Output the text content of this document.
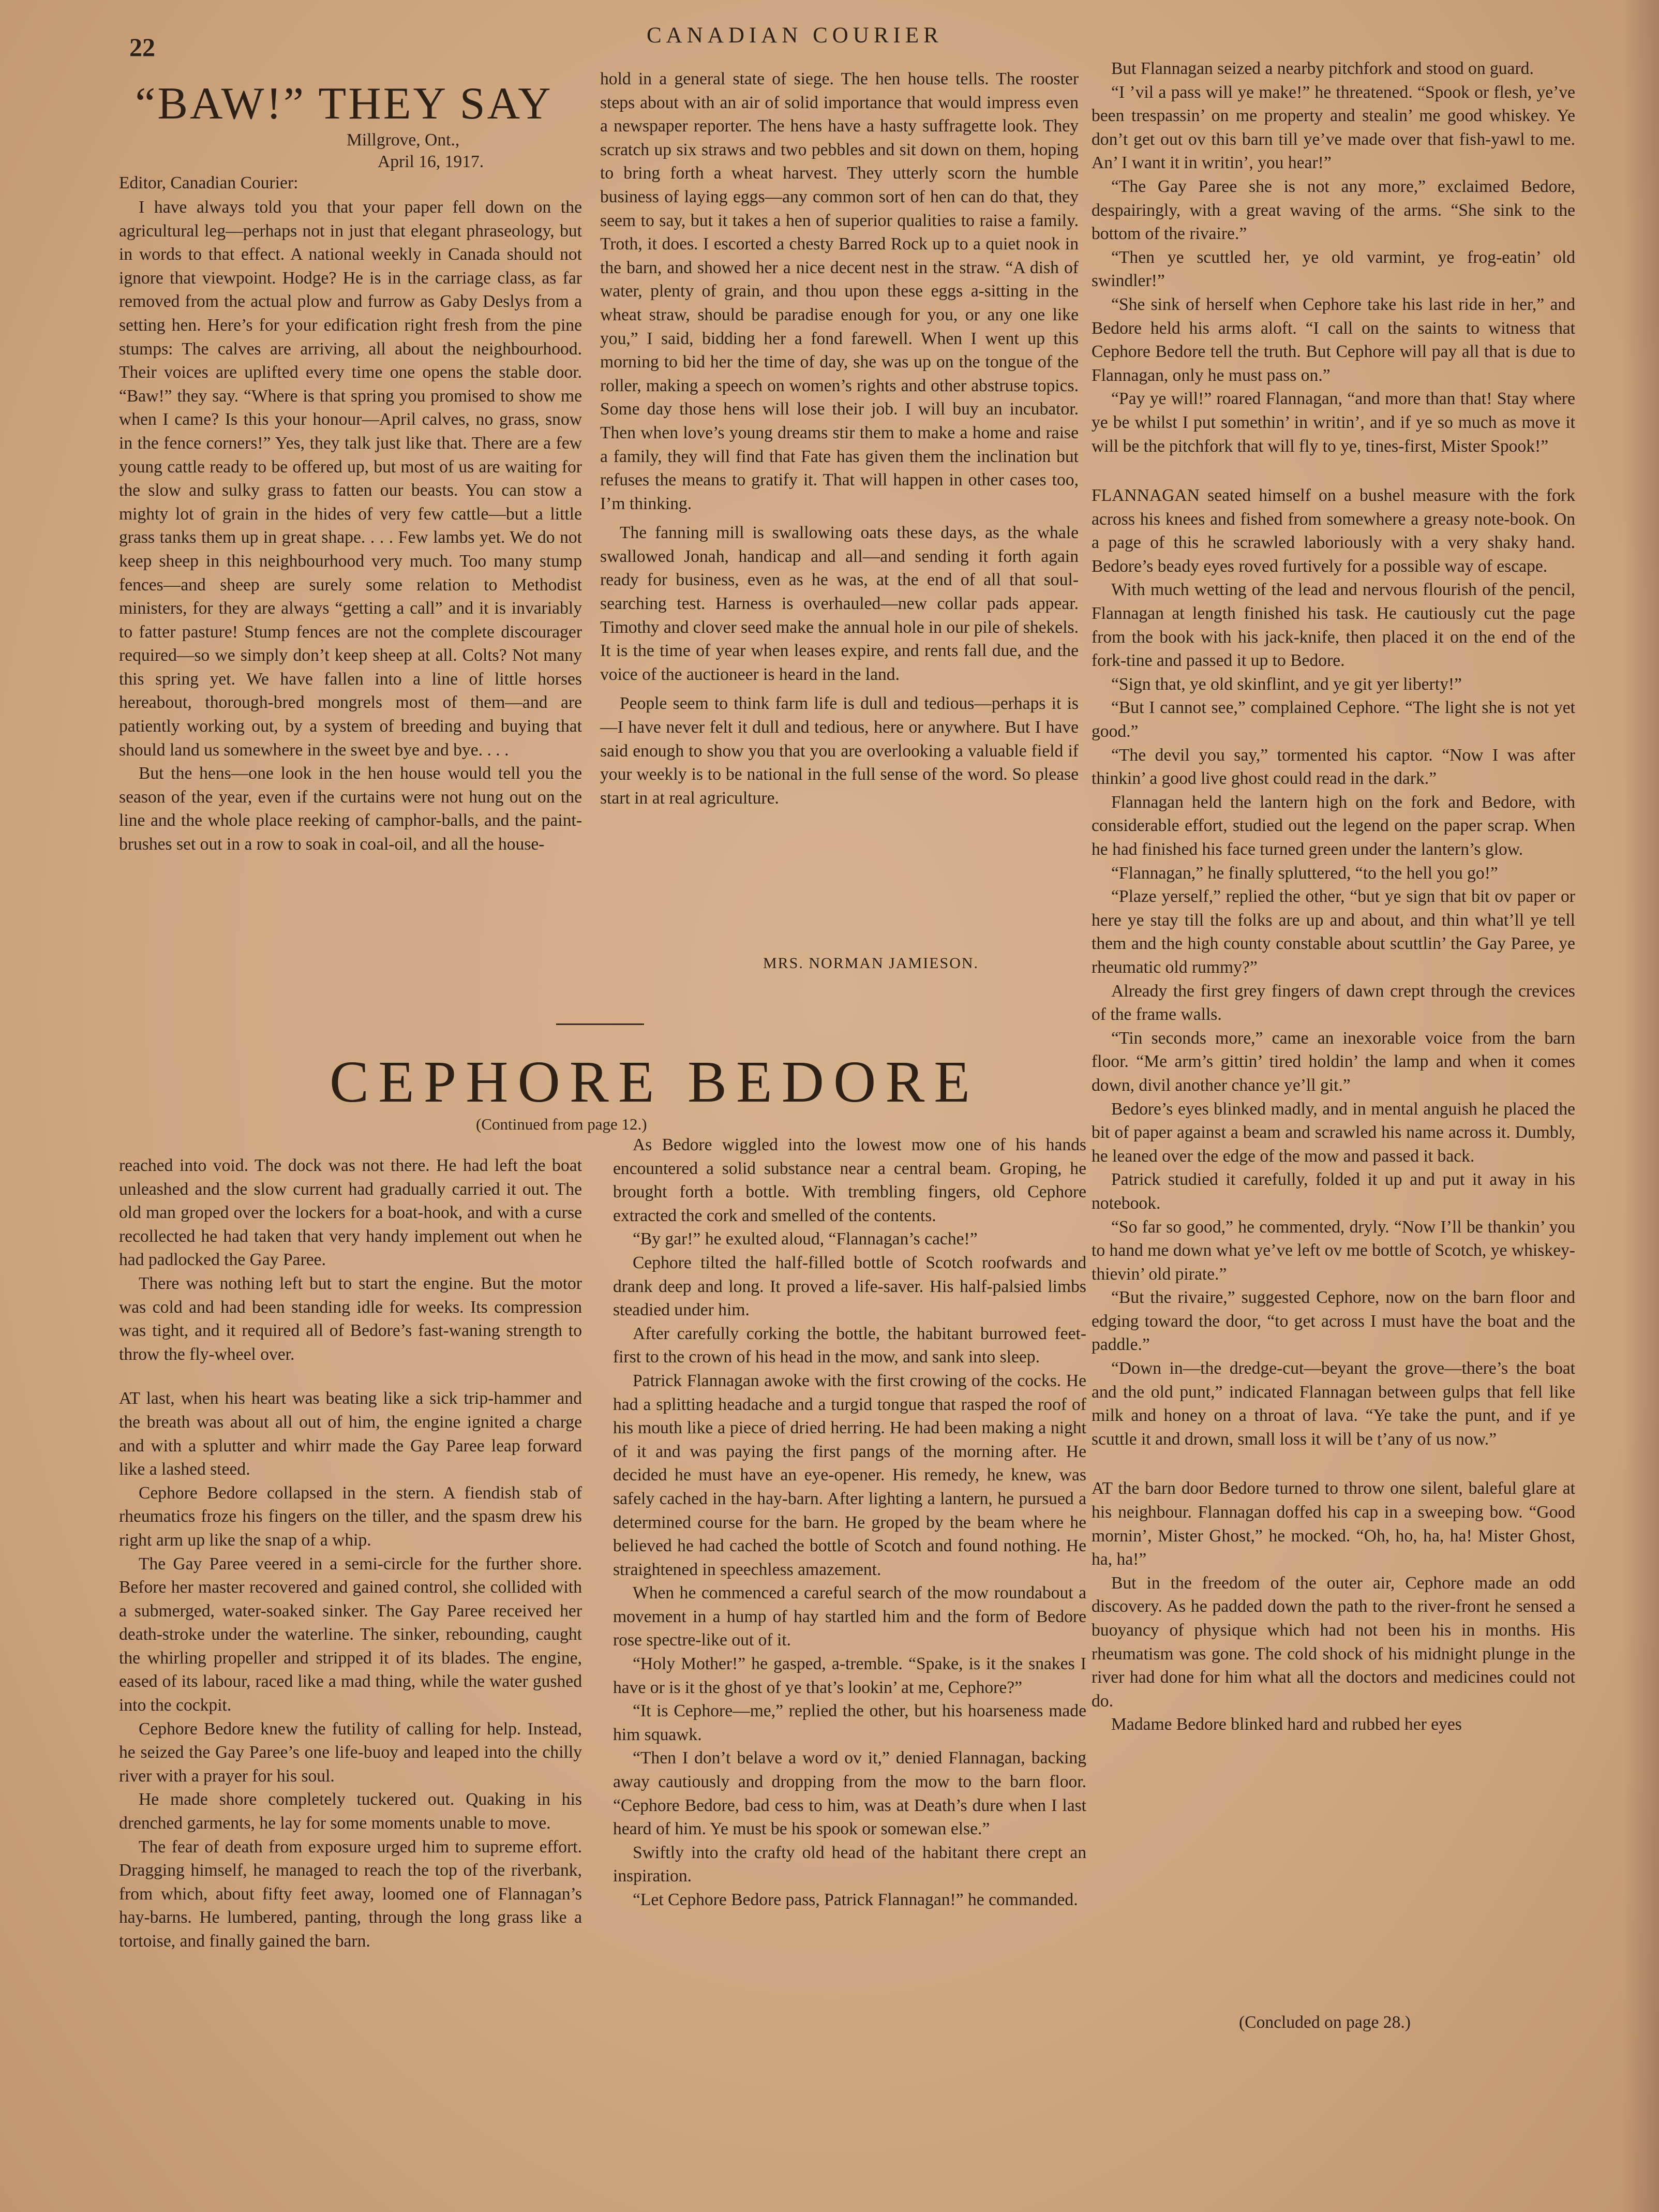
22	CANADIAN COURIER
“BAW!” THEY SAY
Millgrove, Ont.,
April 16, 1917.
Editor, Canadian Courier:

I have always told you that your paper fell down on the agricultural leg—perhaps not in just that elegant phraseology, but in words to that effect. A national weekly in Canada should not ignore that viewpoint. Hodge? He is in the carriage class, as far removed from the actual plow and furrow as Gaby Deslys from a setting hen. Here’s for your edification right fresh from the pine stumps: The calves are arriving, all about the neighbourhood. Their voices are uplifted every time one opens the stable door. “Baw!” they say. “Where is that spring you promised to show me when I came? Is this your honour—April calves, no grass, snow in the fence corners!” Yes, they talk just like that. There are a few young cattle ready to be offered up, but most of us are waiting for the slow and sulky grass to fatten our beasts. You can stow a mighty lot of grain in the hides of very few cattle—but a little grass tanks them up in great shape. . . . Few lambs yet. We do not keep sheep in this neighbourhood very much. Too many stump fences—and sheep are surely some relation to Methodist ministers, for they are always “getting a call” and it is invariably to fatter pasture! Stump fences are not the complete discourager required—so we simply don’t keep sheep at all. Colts? Not many this spring yet. We have fallen into a line of little horses hereabout, thorough-bred mongrels most of them—and are patiently working out, by a system of breeding and buying that should land us somewhere in the sweet bye and bye. . . .

But the hens—one look in the hen house would tell you the season of the year, even if the curtains were not hung out on the line and the whole place reeking of camphor-balls, and the paint-brushes set out in a row to soak in coal-oil, and all the house-

hold in a general state of siege. The hen house tells. The rooster steps about with an air of solid importance that would impress even a newspaper reporter. The hens have a hasty suffragette look. They scratch up six straws and two pebbles and sit down on them, hoping to bring forth a wheat harvest. They utterly scorn the humble business of laying eggs—any common sort of hen can do that, they seem to say, but it takes a hen of superior qualities to raise a family. Troth, it does. I escorted a chesty Barred Rock up to a quiet nook in the barn, and showed her a nice decent nest in the straw. “A dish of water, plenty of grain, and thou upon these eggs a-sitting in the wheat straw, should be paradise enough for you, or any one like you,” I said, bidding her a fond farewell. When I went up this morning to bid her the time of day, she was up on the tongue of the roller, making a speech on women’s rights and other abstruse topics. Some day those hens will lose their job. I will buy an incubator. Then when love’s young dreams stir them to make a home and raise a family, they will find that Fate has given them the inclination but refuses the means to gratify it. That will happen in other cases too, I’m thinking.

The fanning mill is swallowing oats these days, as the whale swallowed Jonah, handicap and all—and sending it forth again ready for business, even as he was, at the end of all that soul-searching test. Harness is overhauled—new collar pads appear. Timothy and clover seed make the annual hole in our pile of shekels. It is the time of year when leases expire, and rents fall due, and the voice of the auctioneer is heard in the land.

People seem to think farm life is dull and tedious—perhaps it is—I have never felt it dull and tedious, here or anywhere. But I have said enough to show you that you are overlooking a valuable field if your weekly is to be national in the full sense of the word. So please start in at real agriculture.

MRS. NORMAN JAMIESON.

But Flannagan seized a nearby pitchfork and stood on guard.

“I ’vil a pass will ye make!” he threatened. “Spook or flesh, ye’ve been trespassin’ on me property and stealin’ me good whiskey. Ye don’t get out ov this barn till ye’ve made over that fish-yawl to me. An’ I want it in writin’, you hear!”

“The Gay Paree she is not any more,” exclaimed Bedore, despairingly, with a great waving of the arms. “She sink to the bottom of the rivaire.”

“Then ye scuttled her, ye old varmint, ye frog-eatin’ old swindler!”

“She sink of herself when Cephore take his last ride in her,” and Bedore held his arms aloft. “I call on the saints to witness that Cephore Bedore tell the truth. But Cephore will pay all that is due to Flannagan, only he must pass on.”

“Pay ye will!” roared Flannagan, “and more than that! Stay where ye be whilst I put somethin’ in writin’, and if ye so much as move it will be the pitchfork that will fly to ye, tines-first, Mister Spook!”

FLANNAGAN seated himself on a bushel measure with the fork across his knees and fished from somewhere a greasy note-book. On a page of this he scrawled laboriously with a very shaky hand. Bedore’s beady eyes roved furtively for a possible way of escape.

With much wetting of the lead and nervous flourish of the pencil, Flannagan at length finished his task. He cautiously cut the page from the book with his jack-knife, then placed it on the end of the fork-tine and passed it up to Bedore.

“Sign that, ye old skinflint, and ye git yer liberty!”

“But I cannot see,” complained Cephore. “The light she is not yet good.”

“The devil you say,” tormented his captor. “Now I was after thinkin’ a good live ghost could read in the dark.”

Flannagan held the lantern high on the fork and Bedore, with considerable effort, studied out the legend on the paper scrap. When he had finished his face turned green under the lantern’s glow.

“Flannagan,” he finally spluttered, “to the hell you go!”

“Plaze yerself,” replied the other, “but ye sign that bit ov paper or here ye stay till the folks are up and about, and thin what’ll ye tell them and the high county constable about scuttlin’ the Gay Paree, ye rheumatic old rummy?”

Already the first grey fingers of dawn crept through the crevices of the frame walls.

“Tin seconds more,” came an inexorable voice from the barn floor. “Me arm’s gittin’ tired holdin’ the lamp and when it comes down, divil another chance ye’ll git.”

Bedore’s eyes blinked madly, and in mental anguish he placed the bit of paper against a beam and scrawled his name across it. Dumbly, he leaned over the edge of the mow and passed it back.

Patrick studied it carefully, folded it up and put it away in his notebook.

“So far so good,” he commented, dryly. “Now I’ll be thankin’ you to hand me down what ye’ve left ov me bottle of Scotch, ye whiskey-thievin’ old pirate.”

“But the rivaire,” suggested Cephore, now on the barn floor and edging toward the door, “to get across I must have the boat and the paddle.”

“Down in—the dredge-cut—beyant the grove—there’s the boat and the old punt,” indicated Flannagan between gulps that fell like milk and honey on a throat of lava. “Ye take the punt, and if ye scuttle it and drown, small loss it will be t’any of us now.”

AT the barn door Bedore turned to throw one silent, baleful glare at his neighbour. Flannagan doffed his cap in a sweeping bow. “Good mornin’, Mister Ghost,” he mocked. “Oh, ho, ha, ha! Mister Ghost, ha, ha!”

But in the freedom of the outer air, Cephore made an odd discovery. As he padded down the path to the river-front he sensed a buoyancy of physique which had not been his in months. His rheumatism was gone. The cold shock of his midnight plunge in the river had done for him what all the doctors and medicines could not do.

Madame Bedore blinked hard and rubbed her eyes

(Concluded on page 28.)
CEPHORE BEDORE
(Continued from page 12.)

reached into void. The dock was not there. He had left the boat unleashed and the slow current had gradually carried it out. The old man groped over the lockers for a boat-hook, and with a curse recollected he had taken that very handy implement out when he had padlocked the Gay Paree.

There was nothing left but to start the engine. But the motor was cold and had been standing idle for weeks. Its compression was tight, and it required all of Bedore’s fast-waning strength to throw the fly-wheel over.

AT last, when his heart was beating like a sick trip-hammer and the breath was about all out of him, the engine ignited a charge and with a splutter and whirr made the Gay Paree leap forward like a lashed steed.

Cephore Bedore collapsed in the stern. A fiendish stab of rheumatics froze his fingers on the tiller, and the spasm drew his right arm up like the snap of a whip.

The Gay Paree veered in a semi-circle for the further shore. Before her master recovered and gained control, she collided with a submerged, water-soaked sinker. The Gay Paree received her death-stroke under the waterline. The sinker, rebounding, caught the whirling propeller and stripped it of its blades. The engine, eased of its labour, raced like a mad thing, while the water gushed into the cockpit.

Cephore Bedore knew the futility of calling for help. Instead, he seized the Gay Paree’s one life-buoy and leaped into the chilly river with a prayer for his soul.

He made shore completely tuckered out. Quaking in his drenched garments, he lay for some moments unable to move.

The fear of death from exposure urged him to supreme effort. Dragging himself, he managed to reach the top of the riverbank, from which, about fifty feet away, loomed one of Flannagan’s hay-barns. He lumbered, panting, through the long grass like a tortoise, and finally gained the barn.

As Bedore wiggled into the lowest mow one of his hands encountered a solid substance near a central beam. Groping, he brought forth a bottle. With trembling fingers, old Cephore extracted the cork and smelled of the contents.

“By gar!” he exulted aloud, “Flannagan’s cache!”

Cephore tilted the half-filled bottle of Scotch roofwards and drank deep and long. It proved a life-saver. His half-palsied limbs steadied under him.

After carefully corking the bottle, the habitant burrowed feet-first to the crown of his head in the mow, and sank into sleep.

Patrick Flannagan awoke with the first crowing of the cocks. He had a splitting headache and a turgid tongue that rasped the roof of his mouth like a piece of dried herring. He had been making a night of it and was paying the first pangs of the morning after. He decided he must have an eye-opener. His remedy, he knew, was safely cached in the hay-barn. After lighting a lantern, he pursued a determined course for the barn. He groped by the beam where he believed he had cached the bottle of Scotch and found nothing. He straightened in speechless amazement.

When he commenced a careful search of the mow roundabout a movement in a hump of hay startled him and the form of Bedore rose spectre-like out of it.

“Holy Mother!” he gasped, a-tremble. “Spake, is it the snakes I have or is it the ghost of ye that’s lookin’ at me, Cephore?”

“It is Cephore—me,” replied the other, but his hoarseness made him squawk.

“Then I don’t belave a word ov it,” denied Flannagan, backing away cautiously and dropping from the mow to the barn floor. “Cephore Bedore, bad cess to him, was at Death’s dure when I last heard of him. Ye must be his spook or somewan else.”

Swiftly into the crafty old head of the habitant there crept an inspiration.

“Let Cephore Bedore pass, Patrick Flannagan!” he commanded.
